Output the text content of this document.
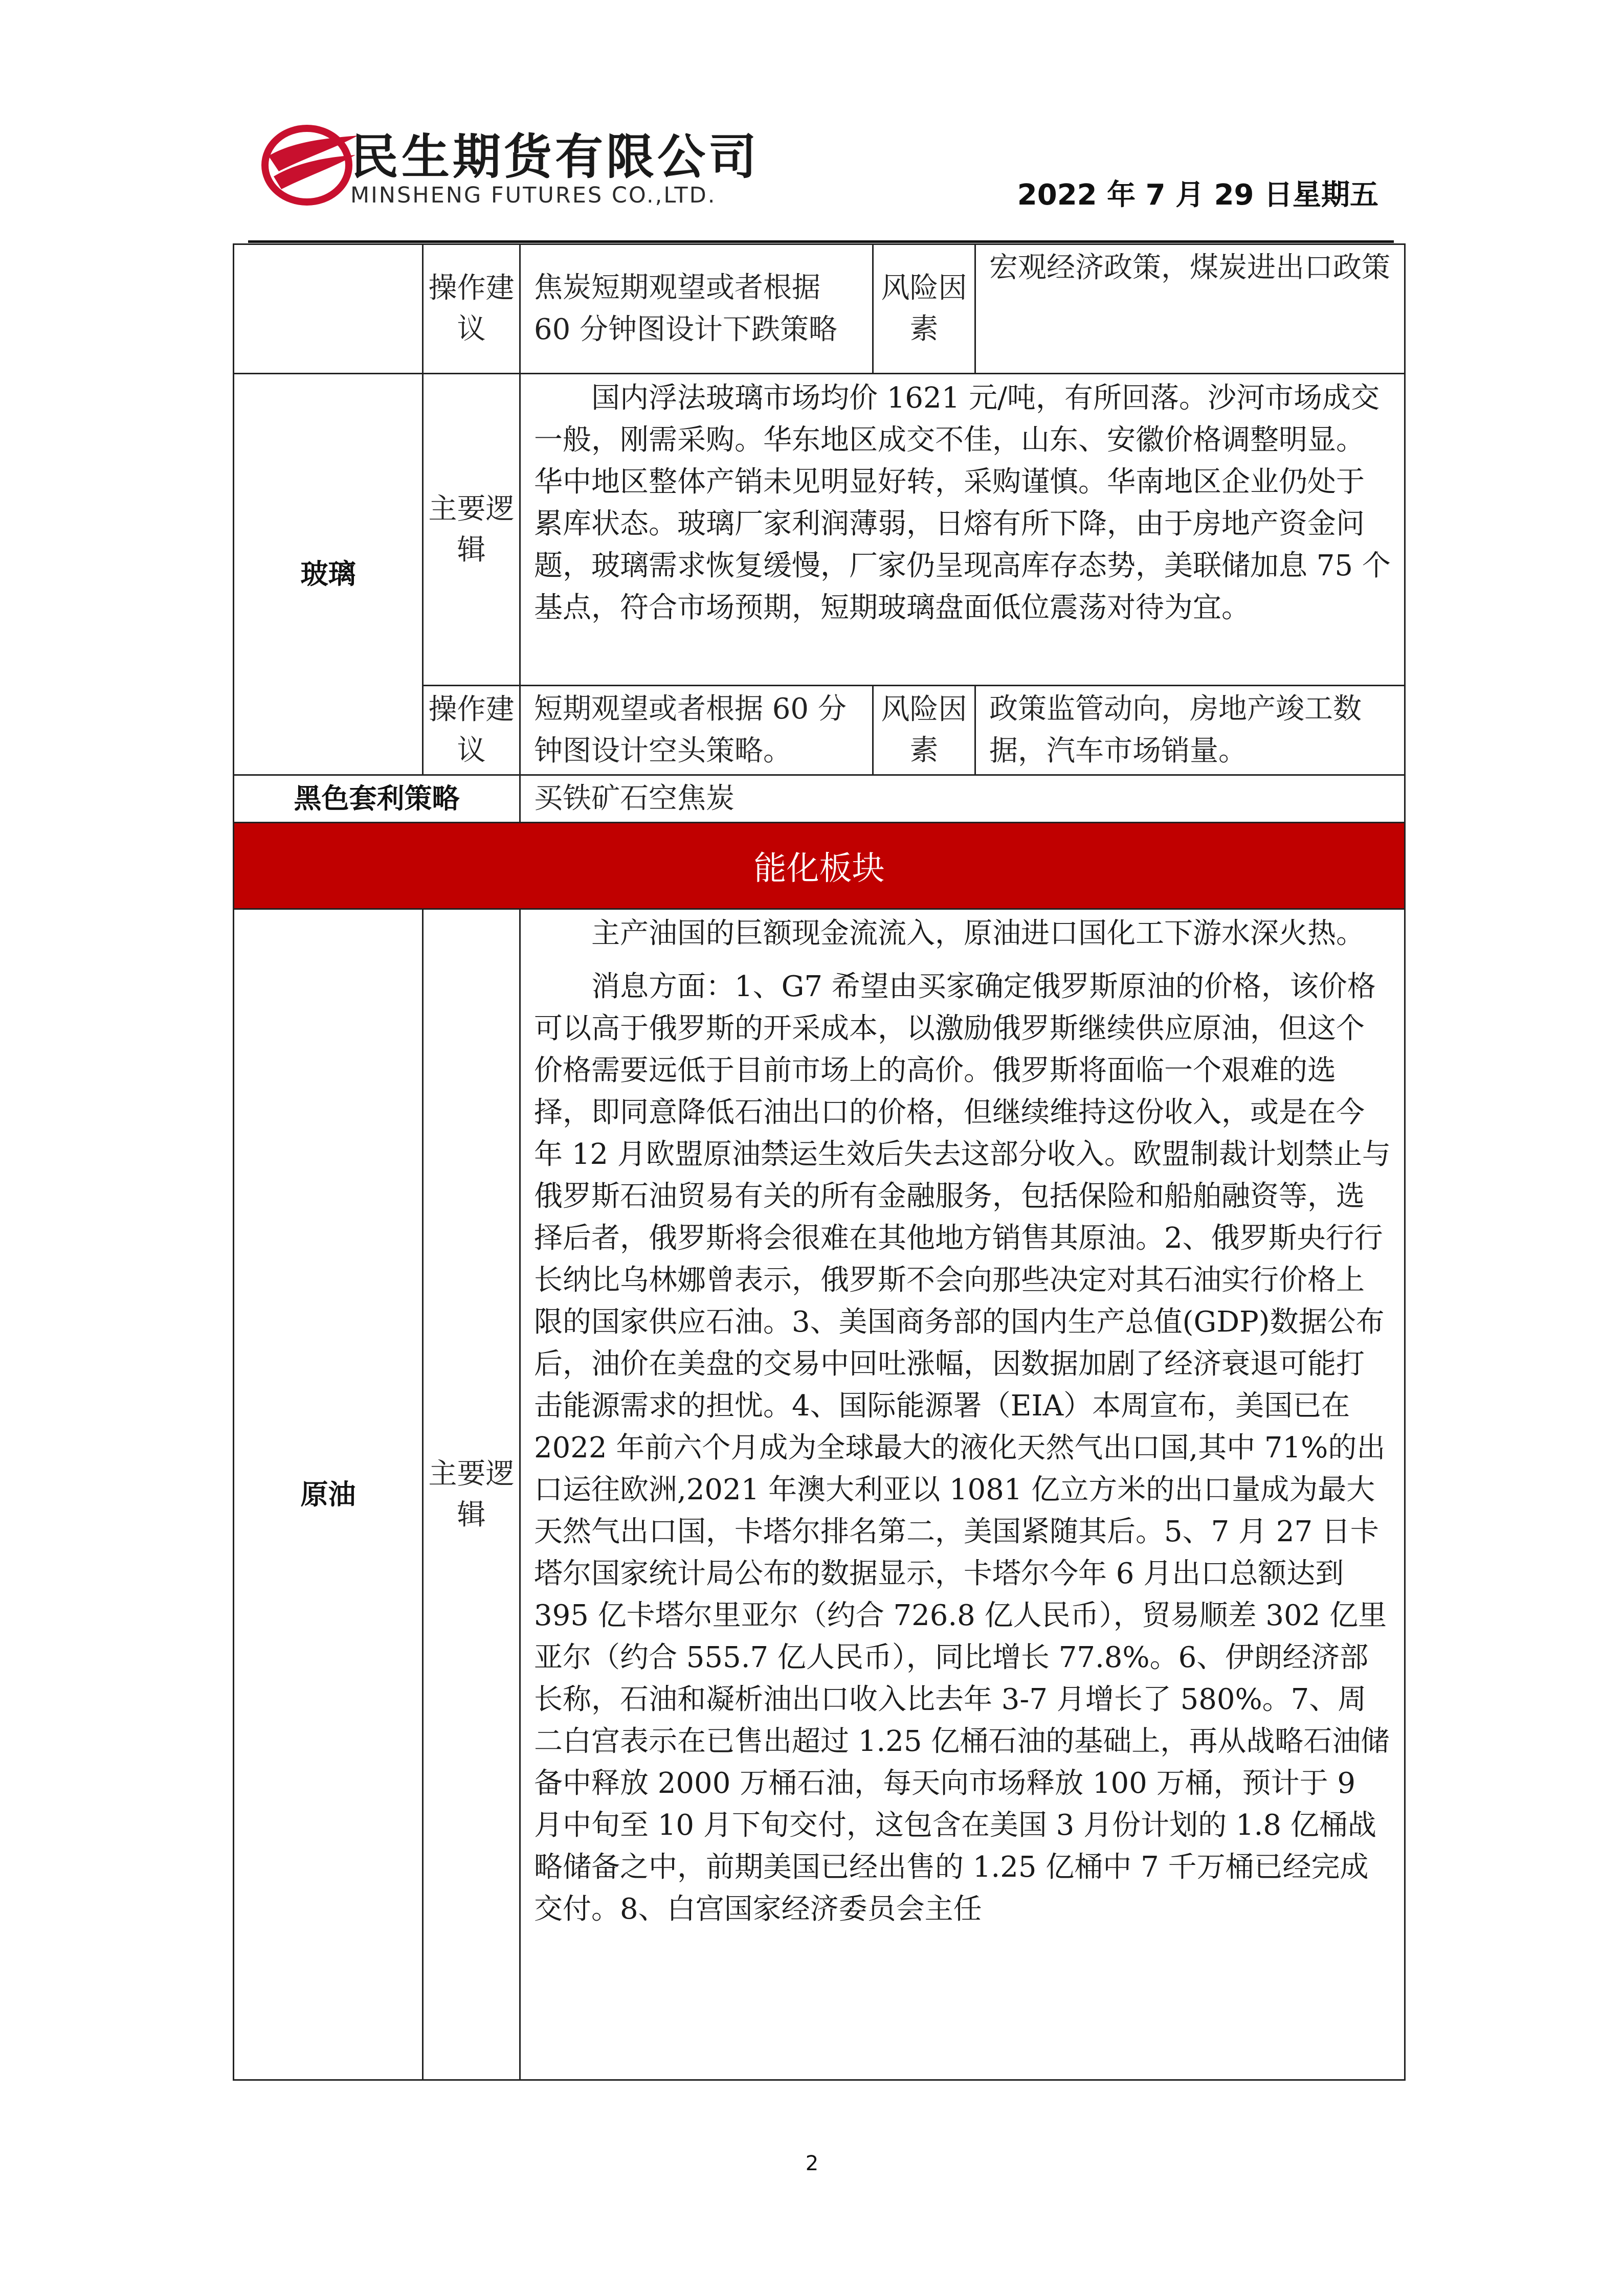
民生期货有限公司
MINSHENG FUTURES CO.,LTD.	2022 年 7 月 29 日星期五
	操作建议	焦炭短期观望或者根据 60 分钟图设计下跌策略	风险因素	宏观经济政策，煤炭进出口政策
玻璃	主要逻辑	国内浮法玻璃市场均价 1621 元/吨，有所回落。沙河市场成交一般，刚需采购。华东地区成交不佳，山东、安徽价格调整明显。华中地区整体产销未见明显好转，采购谨慎。华南地区企业仍处于累库状态。玻璃厂家利润薄弱，日熔有所下降，由于房地产资金问题，玻璃需求恢复缓慢，厂家仍呈现高库存态势，美联储加息 75 个基点，符合市场预期，短期玻璃盘面低位震荡对待为宜。		

	操作建议	短期观望或者根据 60 分钟图设计空头策略。	风险因素	政策监管动向，房地产竣工数据，汽车市场销量。
黑色套利策略		买铁矿石空焦炭		
能化板块				
原油	主要逻辑	主产油国的巨额现金流流入，原油进口国化工下游水深火热。

消息方面：1、G7 希望由买家确定俄罗斯原油的价格，该价格可以高于俄罗斯的开采成本，以激励俄罗斯继续供应原油，但这个价格需要远低于目前市场上的高价。俄罗斯将面临一个艰难的选择，即同意降低石油出口的价格，但继续维持这份收入，或是在今年 12 月欧盟原油禁运生效后失去这部分收入。欧盟制裁计划禁止与俄罗斯石油贸易有关的所有金融服务，包括保险和船舶融资等，选择后者，俄罗斯将会很难在其他地方销售其原油。2、俄罗斯央行行长纳比乌林娜曾表示，俄罗斯不会向那些决定对其石油实行价格上限的国家供应石油。3、美国商务部的国内生产总值(GDP)数据公布后，油价在美盘的交易中回吐涨幅，因数据加剧了经济衰退可能打击能源需求的担忧。4、国际能源署（EIA）本周宣布，美国已在 2022 年前六个月成为全球最大的液化天然气出口国,其中 71%的出口运往欧洲,2021 年澳大利亚以 1081 亿立方米的出口量成为最大天然气出口国，卡塔尔排名第二，美国紧随其后。5、7 月 27 日卡塔尔国家统计局公布的数据显示，卡塔尔今年 6 月出口总额达到 395 亿卡塔尔里亚尔（约合 726.8 亿人民币），贸易顺差 302 亿里亚尔（约合 555.7 亿人民币），同比增长 77.8%。6、伊朗经济部长称，石油和凝析油出口收入比去年 3-7 月增长了 580%。7、周二白宫表示在已售出超过 1.25 亿桶石油的基础上，再从战略石油储备中释放 2000 万桶石油，每天向市场释放 100 万桶，预计于 9 月中旬至 10 月下旬交付，这包含在美国 3 月份计划的 1.8 亿桶战略储备之中，前期美国已经出售的 1.25 亿桶中 7 千万桶已经完成交付。8、白宫国家经济委员会主任		

2
